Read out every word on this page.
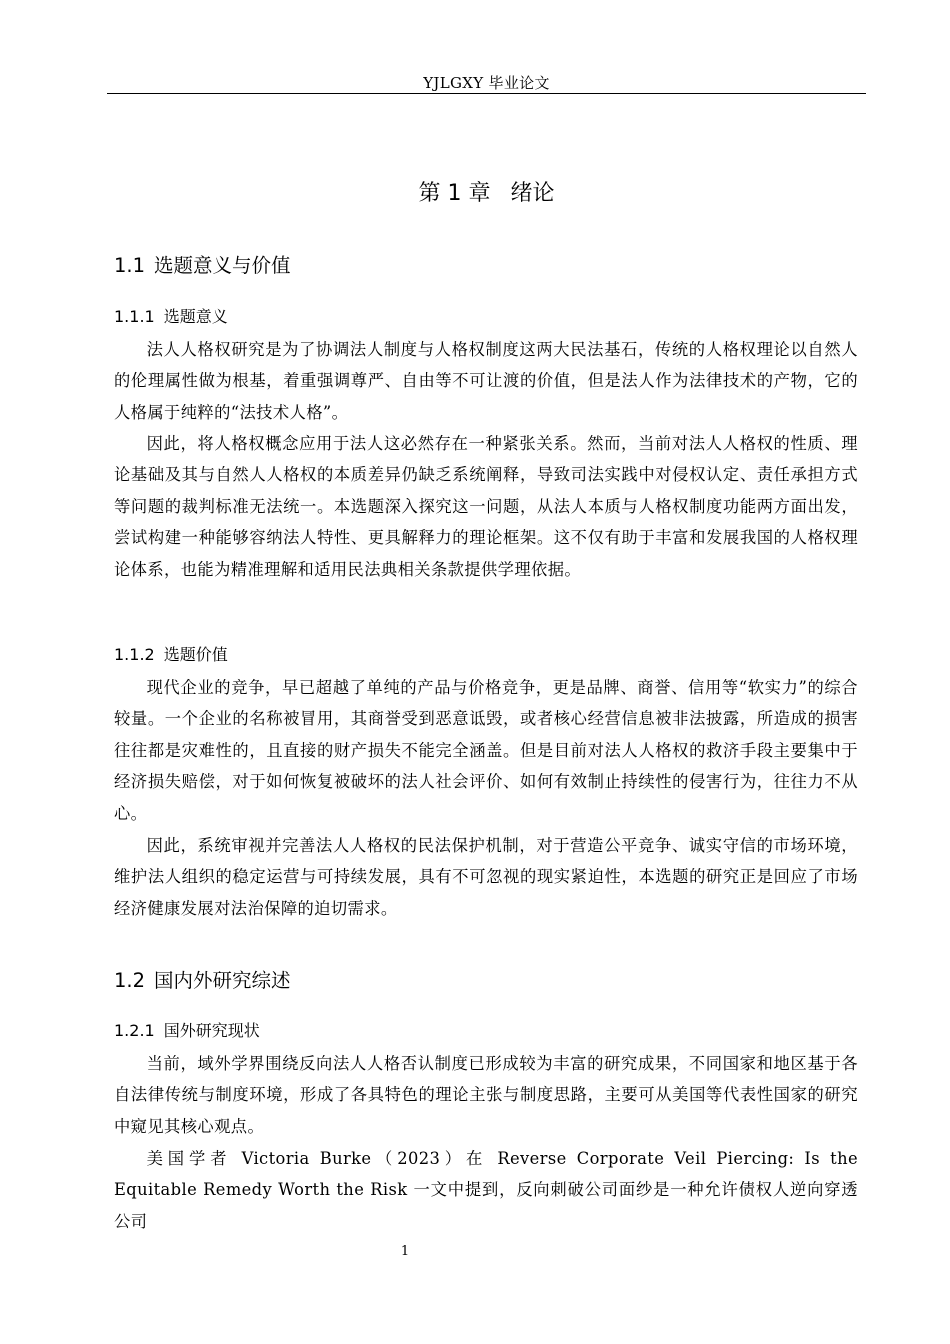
YJLGXY 毕业论文
第 1 章 绪论
1.1 选题意义与价值
1.1.1 选题意义

法人人格权研究是为了协调法人制度与人格权制度这两大民法基石，传统的人格权理论以自然人的伦理属性做为根基，着重强调尊严、自由等不可让渡的价值，但是法人作为法律技术的产物，它的人格属于纯粹的“法技术人格”。

因此，将人格权概念应用于法人这必然存在一种紧张关系。然而，当前对法人人格权的性质、理论基础及其与自然人人格权的本质差异仍缺乏系统阐释，导致司法实践中对侵权认定、责任承担方式等问题的裁判标准无法统一。本选题深入探究这一问题，从法人本质与人格权制度功能两方面出发，尝试构建一种能够容纳法人特性、更具解释力的理论框架。这不仅有助于丰富和发展我国的人格权理论体系，也能为精准理解和适用民法典相关条款提供学理依据。

1.1.2 选题价值

现代企业的竞争，早已超越了单纯的产品与价格竞争，更是品牌、商誉、信用等“软实力”的综合较量。一个企业的名称被冒用，其商誉受到恶意诋毁，或者核心经营信息被非法披露，所造成的损害往往都是灾难性的，且直接的财产损失不能完全涵盖。但是目前对法人人格权的救济手段主要集中于经济损失赔偿，对于如何恢复被破坏的法人社会评价、如何有效制止持续性的侵害行为，往往力不从心。

因此，系统审视并完善法人人格权的民法保护机制，对于营造公平竞争、诚实守信的市场环境，维护法人组织的稳定运营与可持续发展，具有不可忽视的现实紧迫性，本选题的研究正是回应了市场经济健康发展对法治保障的迫切需求。

1.2 国内外研究综述
1.2.1 国外研究现状

当前，域外学界围绕反向法人人格否认制度已形成较为丰富的研究成果，不同国家和地区基于各自法律传统与制度环境，形成了各具特色的理论主张与制度思路，主要可从美国等代表性国家的研究中窥见其核心观点。

美国学者 Victoria Burke（2023）在 Reverse Corporate Veil Piercing: Is the Equitable Remedy Worth the Risk 一文中提到，反向刺破公司面纱是一种允许债权人逆向穿透公司

1
